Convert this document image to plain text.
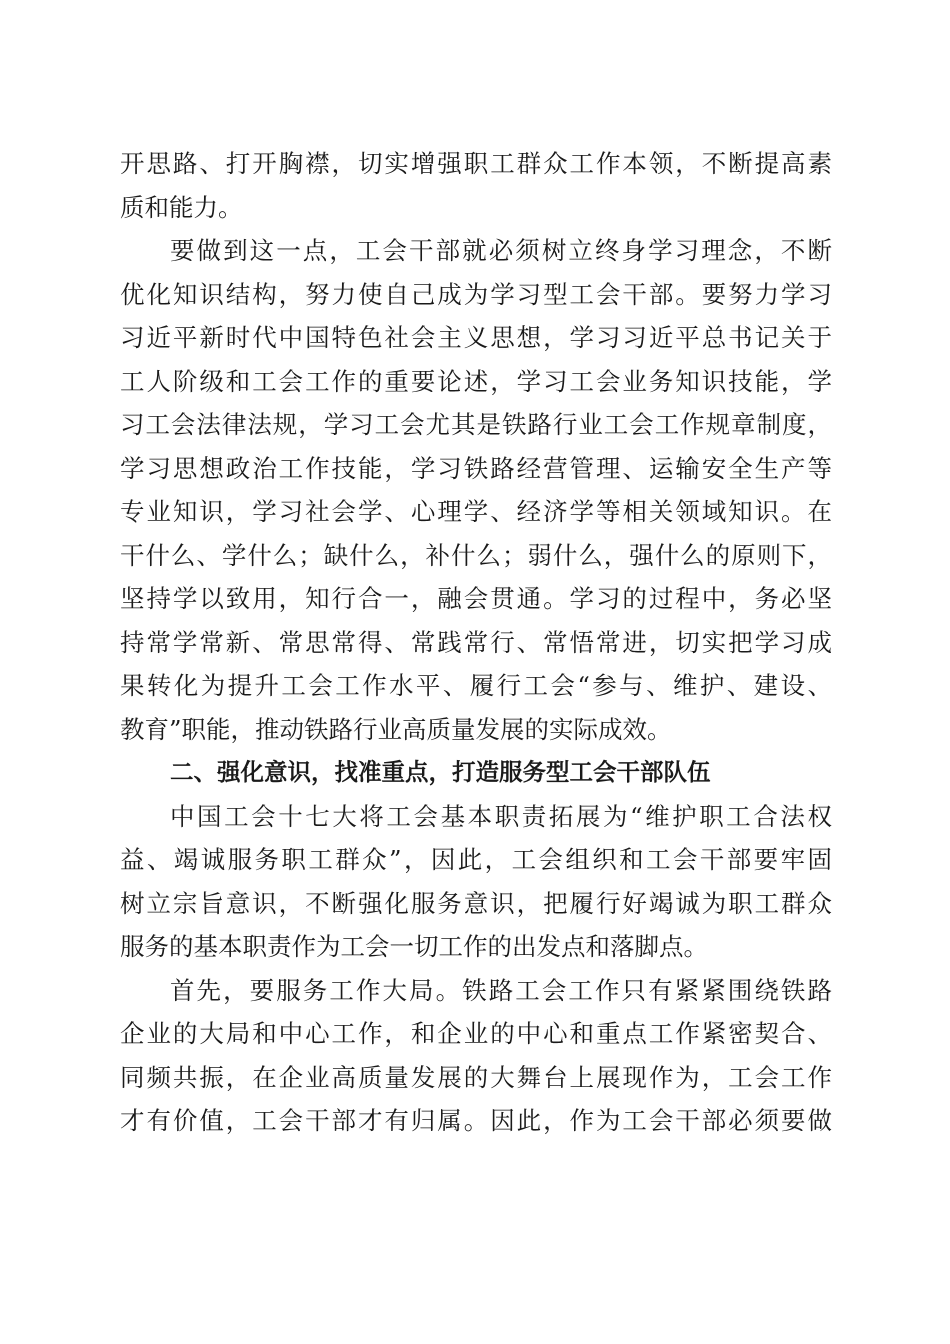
开思路、打开胸襟，切实增强职工群众工作本领，不断提高素
质和能力。
要做到这一点，工会干部就必须树立终身学习理念，不断
优化知识结构，努力使自己成为学习型工会干部。要努力学习
习近平新时代中国特色社会主义思想，学习习近平总书记关于
工人阶级和工会工作的重要论述，学习工会业务知识技能，学
习工会法律法规，学习工会尤其是铁路行业工会工作规章制度，
学习思想政治工作技能，学习铁路经营管理、运输安全生产等
专业知识，学习社会学、心理学、经济学等相关领域知识。在
干什么、学什么；缺什么，补什么；弱什么，强什么的原则下，
坚持学以致用，知行合一，融会贯通。学习的过程中，务必坚
持常学常新、常思常得、常践常行、常悟常进，切实把学习成
果转化为提升工会工作水平、履行工会“参与、维护、建设、
教育”职能，推动铁路行业高质量发展的实际成效。
二、强化意识，找准重点，打造服务型工会干部队伍
中国工会十七大将工会基本职责拓展为“维护职工合法权
益、竭诚服务职工群众”，因此，工会组织和工会干部要牢固
树立宗旨意识，不断强化服务意识，把履行好竭诚为职工群众
服务的基本职责作为工会一切工作的出发点和落脚点。
首先，要服务工作大局。铁路工会工作只有紧紧围绕铁路
企业的大局和中心工作，和企业的中心和重点工作紧密契合、
同频共振，在企业高质量发展的大舞台上展现作为，工会工作
才有价值，工会干部才有归属。因此，作为工会干部必须要做
